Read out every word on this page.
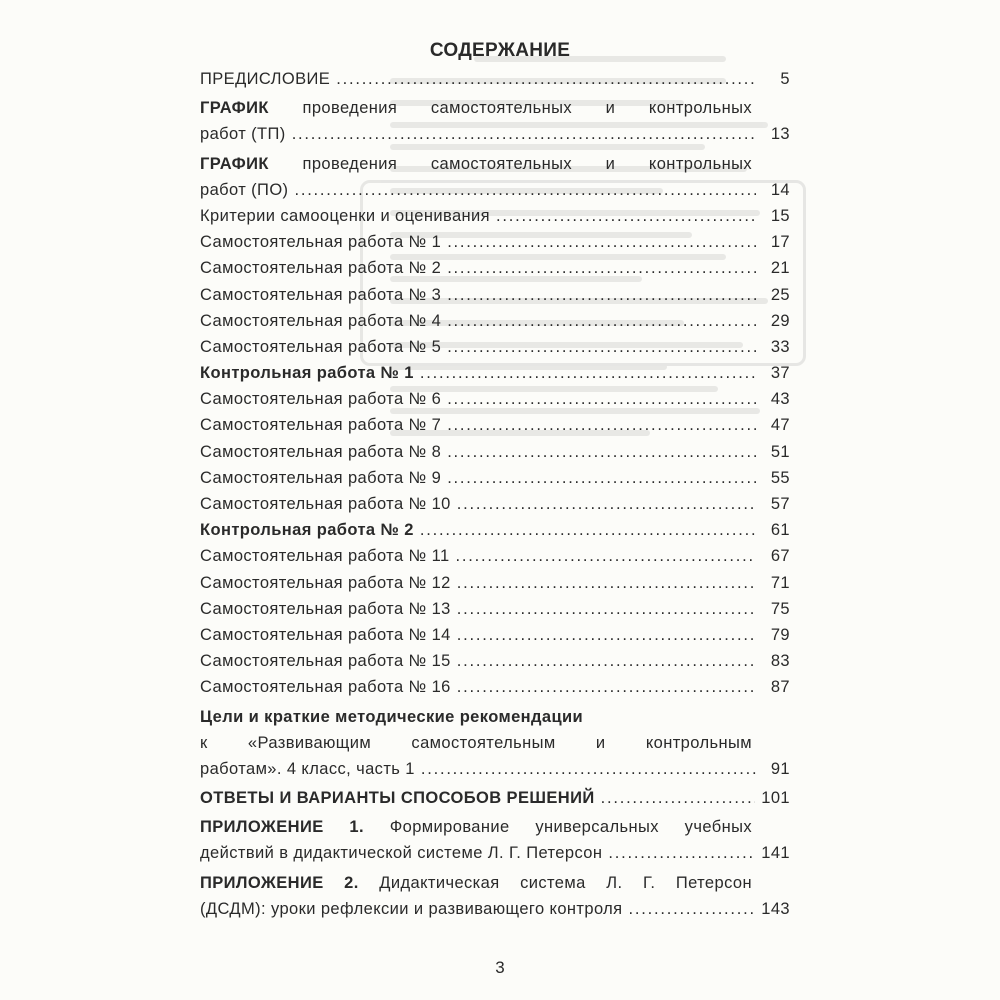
СОДЕРЖАНИЕ
ПРЕДИСЛОВИЕ . . .	5
ГРАФИК проведения самостоятельных и контрольных
работ (ТП) . . .	13
ГРАФИК проведения самостоятельных и контрольных
работ (ПО) . . .	14
Критерии самооценки и оценивания . . .	15
Самостоятельная работа № 1 . . .	17
Самостоятельная работа № 2 . . .	21
Самостоятельная работа № 3 . . .	25
Самостоятельная работа № 4 . . .	29
Самостоятельная работа № 5 . . .	33
Контрольная работа № 1 . . .	37
Самостоятельная работа № 6 . . .	43
Самостоятельная работа № 7 . . .	47
Самостоятельная работа № 8 . . .	51
Самостоятельная работа № 9 . . .	55
Самостоятельная работа № 10 . . .	57
Контрольная работа № 2 . . .	61
Самостоятельная работа № 11 . . .	67
Самостоятельная работа № 12 . . .	71
Самостоятельная работа № 13 . . .	75
Самостоятельная работа № 14 . . .	79
Самостоятельная работа № 15 . . .	83
Самостоятельная работа № 16 . . .	87
Цели и краткие методические рекомендации
к «Развивающим самостоятельным и контрольным
работам». 4 класс, часть 1 . . .	91
ОТВЕТЫ И ВАРИАНТЫ СПОСОБОВ РЕШЕНИЙ . . .	101
ПРИЛОЖЕНИЕ 1. Формирование универсальных учебных
действий в дидактической системе Л. Г. Петерсон . . .	141
ПРИЛОЖЕНИЕ 2. Дидактическая система Л. Г. Петерсон
(ДСДМ): уроки рефлексии и развивающего контроля . . .	143
3
